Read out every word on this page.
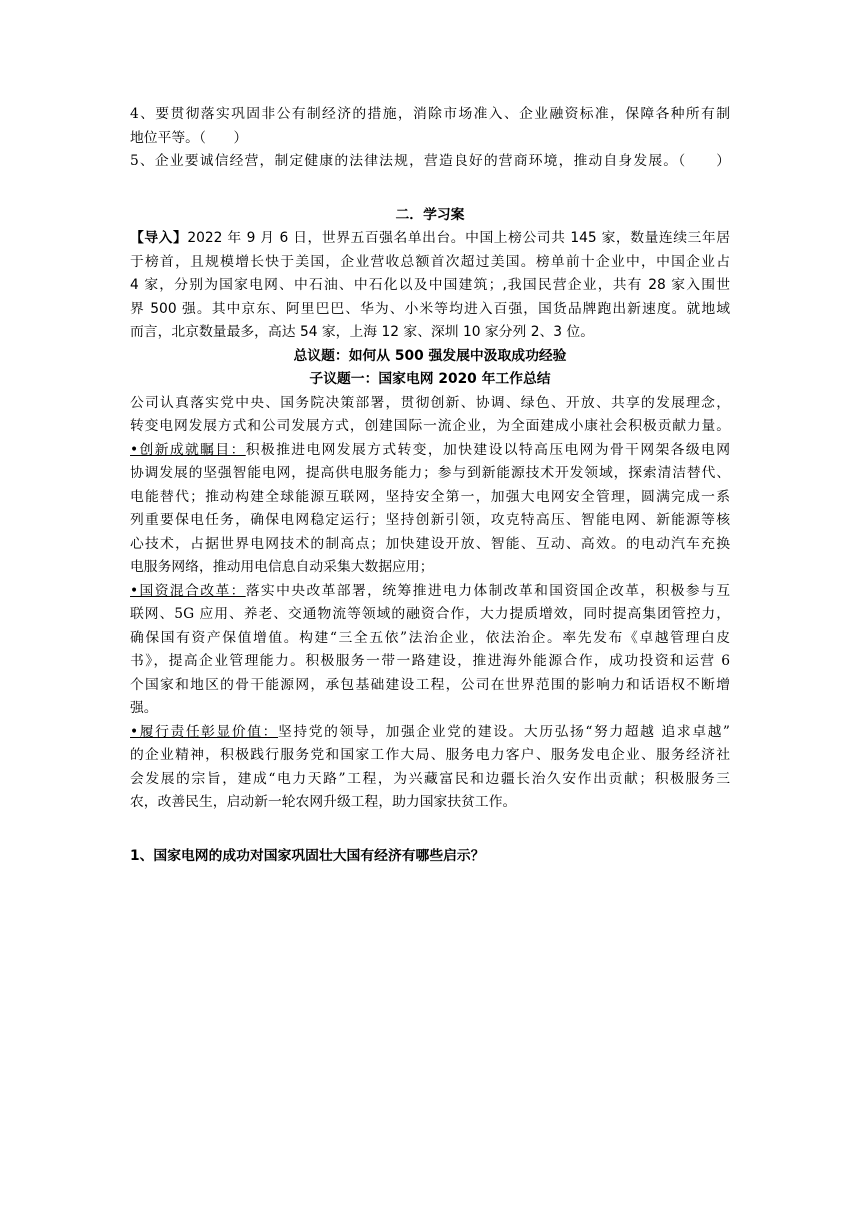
4、要贯彻落实巩固非公有制经济的措施，消除市场准入、企业融资标准，保障各种所有制
地位平等。（　　）
5、企业要诚信经营，制定健康的法律法规，营造良好的营商环境，推动自身发展。（　　）
二．学习案
【导入】2022 年 9 月 6 日，世界五百强名单出台。中国上榜公司共 145 家，数量连续三年居
于榜首，且规模增长快于美国，企业营收总额首次超过美国。榜单前十企业中，中国企业占
4 家，分别为国家电网、中石油、中石化以及中国建筑；,我国民营企业，共有 28 家入围世
界 500 强。其中京东、阿里巴巴、华为、小米等均进入百强，国货品牌跑出新速度。就地域
而言，北京数量最多，高达 54 家，上海 12 家、深圳 10 家分列 2、3 位。
总议题：如何从 500 强发展中汲取成功经验
子议题一：国家电网 2020 年工作总结
公司认真落实党中央、国务院决策部署，贯彻创新、协调、绿色、开放、共享的发展理念，
转变电网发展方式和公司发展方式，创建国际一流企业，为全面建成小康社会积极贡献力量。
•创新成就瞩目：积极推进电网发展方式转变，加快建设以特高压电网为骨干网架各级电网
协调发展的坚强智能电网，提高供电服务能力；参与到新能源技术开发领域，探索清洁替代、
电能替代；推动构建全球能源互联网，坚持安全第一，加强大电网安全管理，圆满完成一系
列重要保电任务，确保电网稳定运行；坚持创新引领，攻克特高压、智能电网、新能源等核
心技术，占据世界电网技术的制高点；加快建设开放、智能、互动、高效。的电动汽车充换
电服务网络，推动用电信息自动采集大数据应用；
•国资混合改革：落实中央改革部署，统筹推进电力体制改革和国资国企改革，积极参与互
联网、5G 应用、养老、交通物流等领域的融资合作，大力提质增效，同时提高集团管控力，
确保国有资产保值增值。构建“三全五依”法治企业，依法治企。率先发布《卓越管理白皮
书》，提高企业管理能力。积极服务一带一路建设，推进海外能源合作，成功投资和运营 6
个国家和地区的骨干能源网，承包基础建设工程，公司在世界范围的影响力和话语权不断增
强。
•履行责任彰显价值：坚持党的领导，加强企业党的建设。大历弘扬“努力超越 追求卓越”
的企业精神，积极践行服务党和国家工作大局、服务电力客户、服务发电企业、服务经济社
会发展的宗旨，建成“电力天路”工程，为兴藏富民和边疆长治久安作出贡献；积极服务三
农，改善民生，启动新一轮农网升级工程，助力国家扶贫工作。
1、国家电网的成功对国家巩固壮大国有经济有哪些启示？
